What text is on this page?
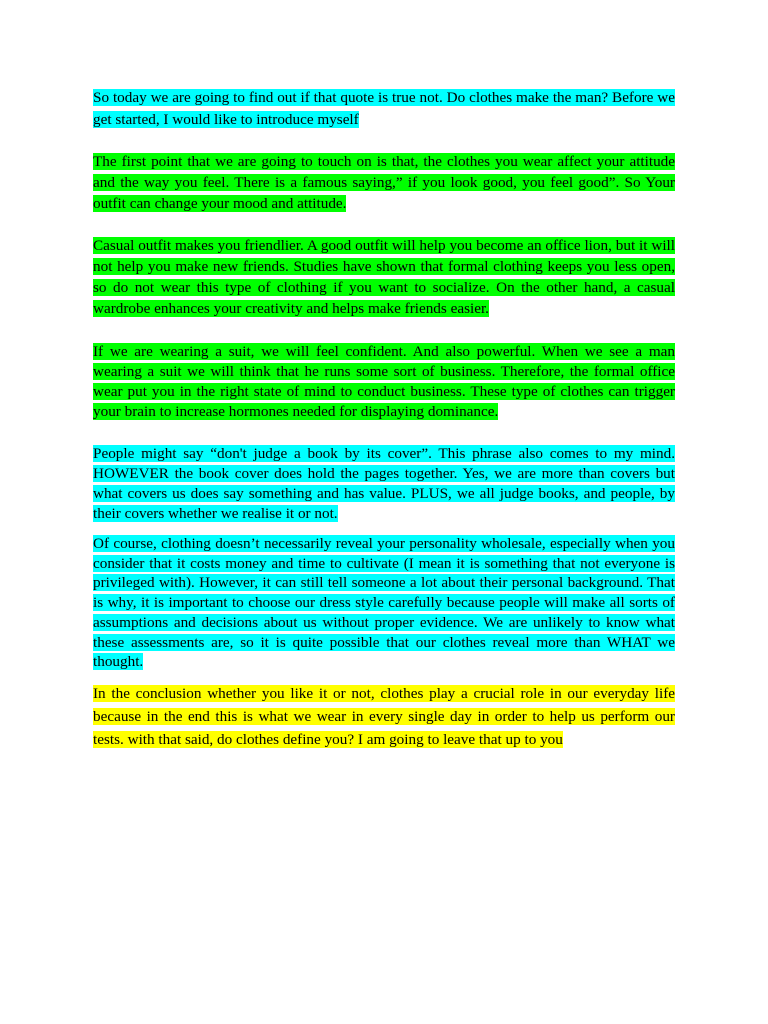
So today we are going to find out if that quote is true not. Do clothes make the man? Before we get started, I would like to introduce myself

The first point that we are going to touch on is that, the clothes you wear affect your attitude and the way you feel. There is a famous saying,” if you look good, you feel good”. So Your outfit can change your mood and attitude.

Casual outfit makes you friendlier. A good outfit will help you become an office lion, but it will not help you make new friends. Studies have shown that formal clothing keeps you less open, so do not wear this type of clothing if you want to socialize. On the other hand, a casual wardrobe enhances your creativity and helps make friends easier.

If we are wearing a suit, we will feel confident. And also powerful. When we see a man wearing a suit we will think that he runs some sort of business. Therefore, the formal office wear put you in the right state of mind to conduct business. These type of clothes can trigger your brain to increase hormones needed for displaying dominance.

People might say “don't judge a book by its cover”. This phrase also comes to my mind. HOWEVER the book cover does hold the pages together. Yes, we are more than covers but what covers us does say something and has value. PLUS, we all judge books, and people, by their covers whether we realise it or not.

Of course, clothing doesn’t necessarily reveal your personality wholesale, especially when you consider that it costs money and time to cultivate (I mean it is something that not everyone is privileged with). However, it can still tell someone a lot about their personal background. That is why, it is important to choose our dress style carefully because people will make all sorts of assumptions and decisions about us without proper evidence. We are unlikely to know what these assessments are, so it is quite possible that our clothes reveal more than WHAT we thought.

In the conclusion whether you like it or not, clothes play a crucial role in our everyday life because in the end this is what we wear in every single day in order to help us perform our tests. with that said, do clothes define you? I am going to leave that up to you
